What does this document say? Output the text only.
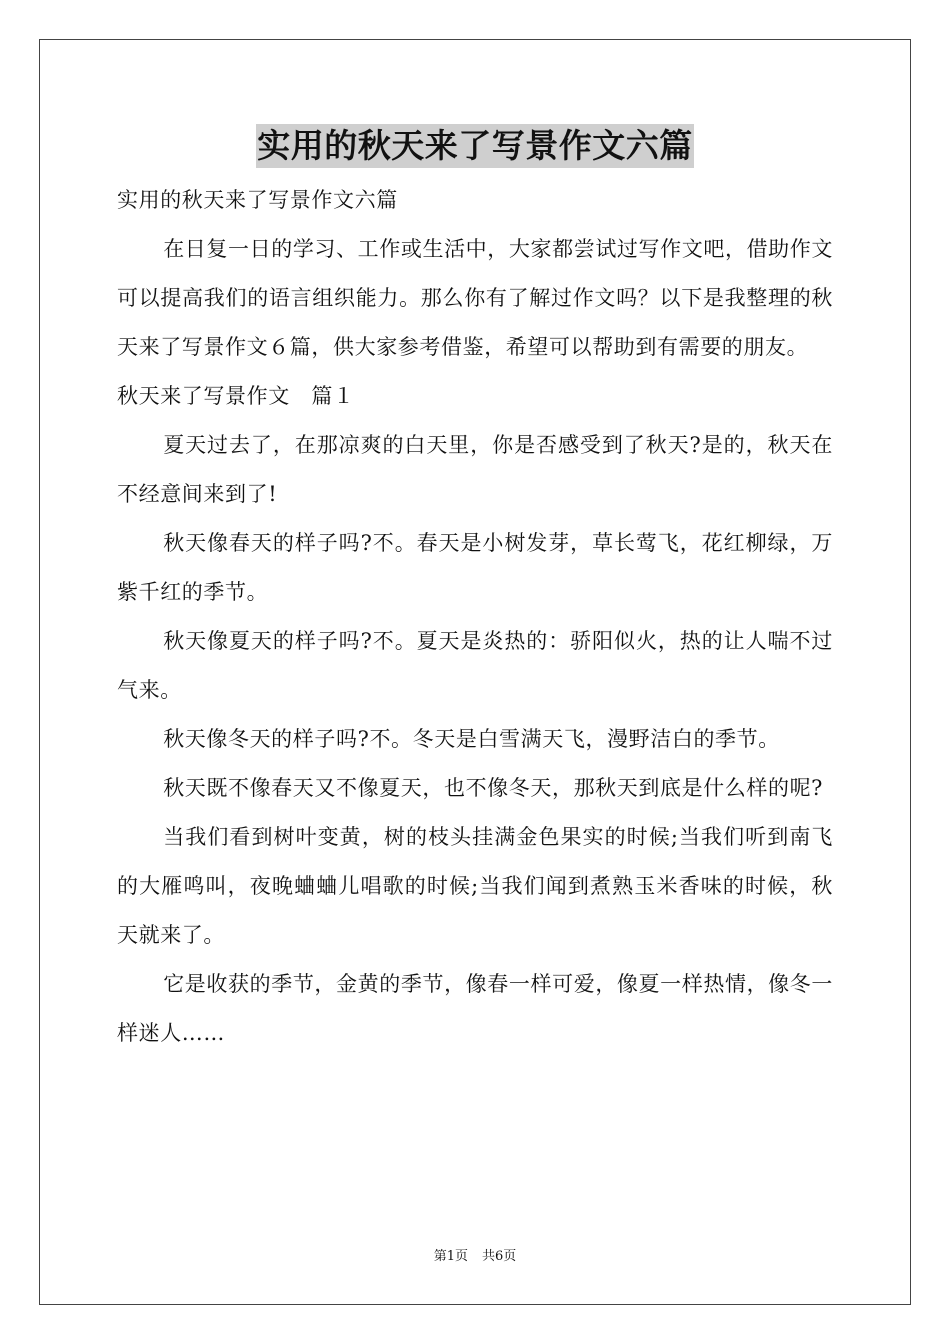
实用的秋天来了写景作文六篇

实用的秋天来了写景作文六篇

在日复一日的学习、工作或生活中，大家都尝试过写作文吧，借助作文可以提高我们的语言组织能力。那么你有了解过作文吗？以下是我整理的秋天来了写景作文６篇，供大家参考借鉴，希望可以帮助到有需要的朋友。

秋天来了写景作文　篇１

夏天过去了，在那凉爽的白天里，你是否感受到了秋天?是的，秋天在不经意间来到了!

秋天像春天的样子吗?不。春天是小树发芽，草长莺飞，花红柳绿，万紫千红的季节。

秋天像夏天的样子吗?不。夏天是炎热的：骄阳似火，热的让人喘不过气来。

秋天像冬天的样子吗?不。冬天是白雪满天飞，漫野洁白的季节。

秋天既不像春天又不像夏天，也不像冬天，那秋天到底是什么样的呢?

当我们看到树叶变黄，树的枝头挂满金色果实的时候;当我们听到南飞的大雁鸣叫，夜晚蛐蛐儿唱歌的时候;当我们闻到煮熟玉米香味的时候，秋天就来了。

它是收获的季节，金黄的季节，像春一样可爱，像夏一样热情，像冬一样迷人……

第1页 共6页
